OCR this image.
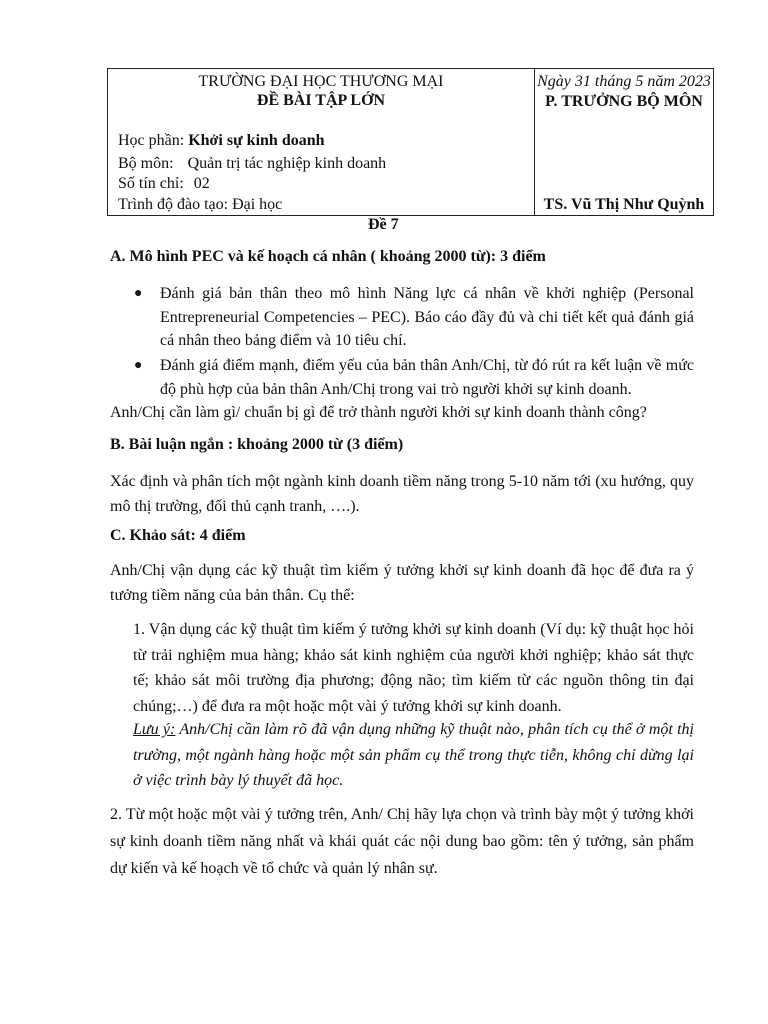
TRƯỜNG ĐẠI HỌC THƯƠNG MẠI
ĐỀ BÀI TẬP LỚN
Học phần: Khởi sự kinh doanh
Bộ môn: Quản trị tác nghiệp kinh doanh
Số tín chỉ: 02
Trình độ đào tạo: Đại học
Ngày 31 tháng 5 năm 2023
P. TRƯỞNG BỘ MÔN
TS. Vũ Thị Như Quỳnh
Đề 7
A. Mô hình PEC và kế hoạch cá nhân ( khoảng 2000 từ): 3 điểm
● Đánh giá bản thân theo mô hình Năng lực cá nhân về khởi nghiệp (Personal Entrepreneurial Competencies – PEC). Báo cáo đầy đủ và chi tiết kết quả đánh giá cá nhân theo bảng điểm và 10 tiêu chí.
● Đánh giá điểm mạnh, điểm yếu của bản thân Anh/Chị, từ đó rút ra kết luận về mức độ phù hợp của bản thân Anh/Chị trong vai trò người khởi sự kinh doanh.
Anh/Chị cần làm gì/ chuẩn bị gì để trở thành người khởi sự kinh doanh thành công?
B. Bài luận ngắn : khoảng 2000 từ (3 điểm)
Xác định và phân tích một ngành kinh doanh tiềm năng trong 5-10 năm tới (xu hướng, quy mô thị trường, đối thủ cạnh tranh, ….).
C. Khảo sát: 4 điểm
Anh/Chị vận dụng các kỹ thuật tìm kiếm ý tưởng khởi sự kinh doanh đã học để đưa ra ý tưởng tiềm năng của bản thân. Cụ thể:
1. Vận dụng các kỹ thuật tìm kiếm ý tưởng khởi sự kinh doanh (Ví dụ: kỹ thuật học hỏi từ trải nghiệm mua hàng; khảo sát kinh nghiệm của người khởi nghiệp; khảo sát thực tế; khảo sát môi trường địa phương; động não; tìm kiếm từ các nguồn thông tin đại chúng;…) để đưa ra một hoặc một vài ý tưởng khởi sự kinh doanh.
Lưu ý: Anh/Chị cần làm rõ đã vận dụng những kỹ thuật nào, phân tích cụ thể ở một thị trường, một ngành hàng hoặc một sản phẩm cụ thể trong thực tiễn, không chỉ dừng lại ở việc trình bày lý thuyết đã học.
2. Từ một hoặc một vài ý tưởng trên, Anh/ Chị hãy lựa chọn và trình bày một ý tưởng khởi sự kinh doanh tiềm năng nhất và khái quát các nội dung bao gồm: tên ý tưởng, sản phẩm dự kiến và kế hoạch về tổ chức và quản lý nhân sự.
